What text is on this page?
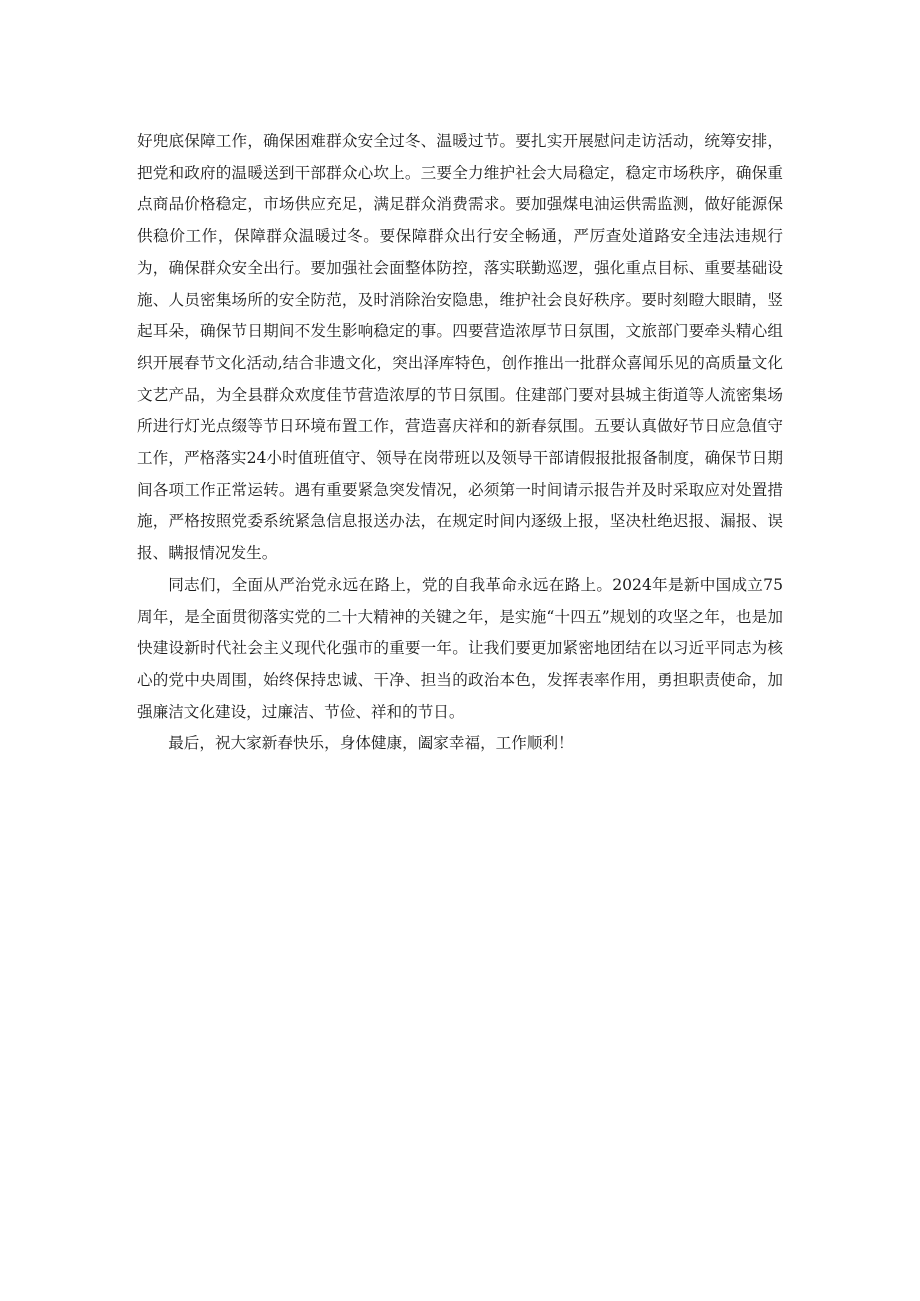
好兜底保障工作，确保困难群众安全过冬、温暖过节。要扎实开展慰问走访活动，统筹安排，把党和政府的温暖送到干部群众心坎上。三要全力维护社会大局稳定，稳定市场秩序，确保重点商品价格稳定，市场供应充足，满足群众消费需求。要加强煤电油运供需监测，做好能源保供稳价工作，保障群众温暖过冬。要保障群众出行安全畅通，严厉查处道路安全违法违规行为，确保群众安全出行。要加强社会面整体防控，落实联勤巡逻，强化重点目标、重要基础设施、人员密集场所的安全防范，及时消除治安隐患，维护社会良好秩序。要时刻瞪大眼睛，竖起耳朵，确保节日期间不发生影响稳定的事。四要营造浓厚节日氛围，文旅部门要牵头精心组织开展春节文化活动,结合非遗文化，突出泽库特色，创作推出一批群众喜闻乐见的高质量文化文艺产品，为全县群众欢度佳节营造浓厚的节日氛围。住建部门要对县城主街道等人流密集场所进行灯光点缀等节日环境布置工作，营造喜庆祥和的新春氛围。五要认真做好节日应急值守工作，严格落实24小时值班值守、领导在岗带班以及领导干部请假报批报备制度，确保节日期间各项工作正常运转。遇有重要紧急突发情况，必须第一时间请示报告并及时采取应对处置措施，严格按照党委系统紧急信息报送办法，在规定时间内逐级上报，坚决杜绝迟报、漏报、误报、瞒报情况发生。

同志们，全面从严治党永远在路上，党的自我革命永远在路上。2024年是新中国成立75周年，是全面贯彻落实党的二十大精神的关键之年，是实施“十四五”规划的攻坚之年，也是加快建设新时代社会主义现代化强市的重要一年。让我们要更加紧密地团结在以习近平同志为核心的党中央周围，始终保持忠诚、干净、担当的政治本色，发挥表率作用，勇担职责使命，加强廉洁文化建设，过廉洁、节俭、祥和的节日。

最后，祝大家新春快乐，身体健康，阖家幸福，工作顺利！
